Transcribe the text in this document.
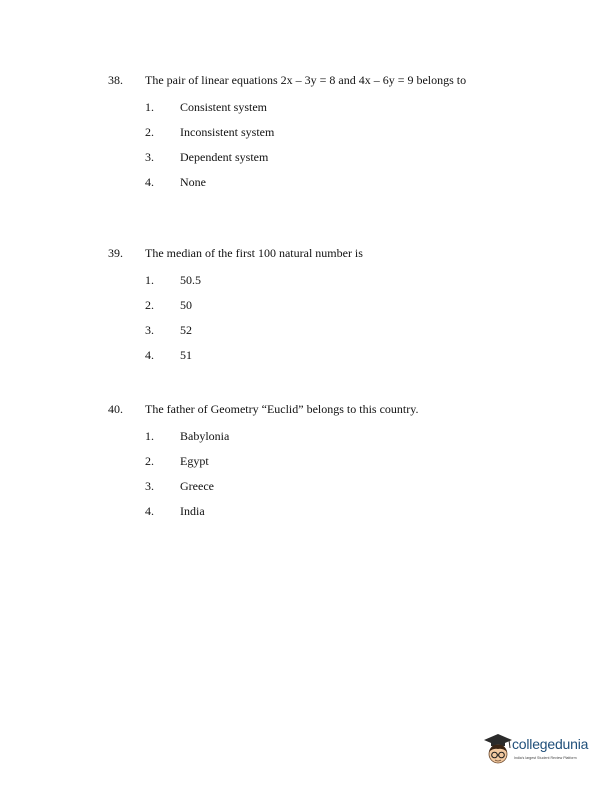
38. The pair of linear equations 2x – 3y = 8 and 4x – 6y = 9 belongs to
1. Consistent system
2. Inconsistent system
3. Dependent system
4. None
39. The median of the first 100 natural number is
1. 50.5
2. 50
3. 52
4. 51
40. The father of Geometry “Euclid” belongs to this country.
1. Babylonia
2. Egypt
3. Greece
4. India
collegedunia
India's largest Student Review Platform
